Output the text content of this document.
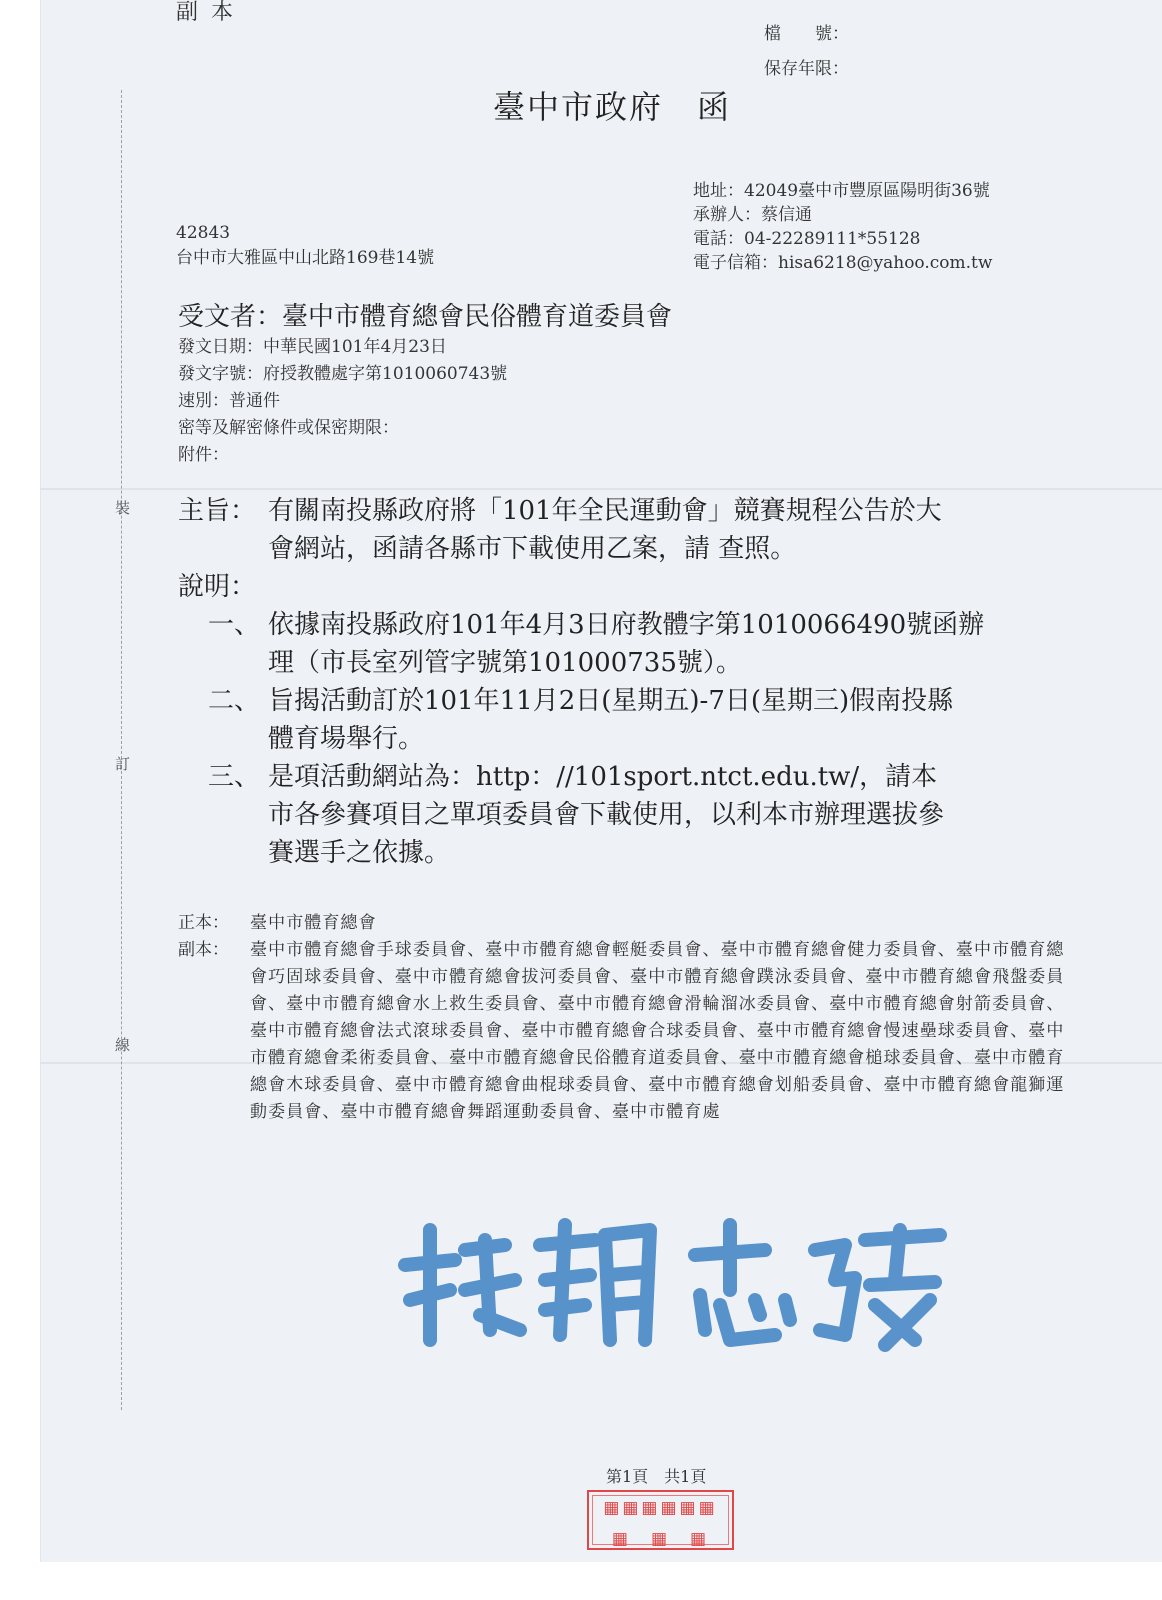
裝
訂
線
副 本
檔　　號：
保存年限：
臺中市政府　函
地址：42049臺中市豐原區陽明街36號
承辦人：蔡信通
電話：04-22289111*55128
電子信箱：hisa6218@yahoo.com.tw
42843
台中市大雅區中山北路169巷14號
受文者：臺中市體育總會民俗體育道委員會
發文日期：中華民國101年4月23日
發文字號：府授教體處字第1010060743號
速別：普通件
密等及解密條件或保密期限：
附件：
主旨： 有關南投縣政府將「101年全民運動會」競賽規程公告於大
會網站，函請各縣市下載使用乙案，請 查照。
說明：
一、 依據南投縣政府101年4月3日府教體字第1010066490號函辦
理（市長室列管字號第101000735號）。
二、 旨揭活動訂於101年11月2日(星期五)-7日(星期三)假南投縣
體育場舉行。
三、 是項活動網站為：http：//101sport.ntct.edu.tw/，請本
市各參賽項目之單項委員會下載使用，以利本市辦理選拔參
賽選手之依據。
正本： 臺中市體育總會
副本： 臺中市體育總會手球委員會、臺中市體育總會輕艇委員會、臺中市體育總會健力委員會、臺中市體育總會巧固球委員會、臺中市體育總會拔河委員會、臺中市體育總會蹼泳委員會、臺中市體育總會飛盤委員會、臺中市體育總會水上救生委員會、臺中市體育總會滑輪溜冰委員會、臺中市體育總會射箭委員會、臺中市體育總會法式滾球委員會、臺中市體育總會合球委員會、臺中市體育總會慢速壘球委員會、臺中市體育總會柔術委員會、臺中市體育總會民俗體育道委員會、臺中市體育總會槌球委員會、臺中市體育總會木球委員會、臺中市體育總會曲棍球委員會、臺中市體育總會划船委員會、臺中市體育總會龍獅運動委員會、臺中市體育總會舞蹈運動委員會、臺中市體育處
第1頁　共1頁
▦▦▦▦▦▦
▦　▦　▦
